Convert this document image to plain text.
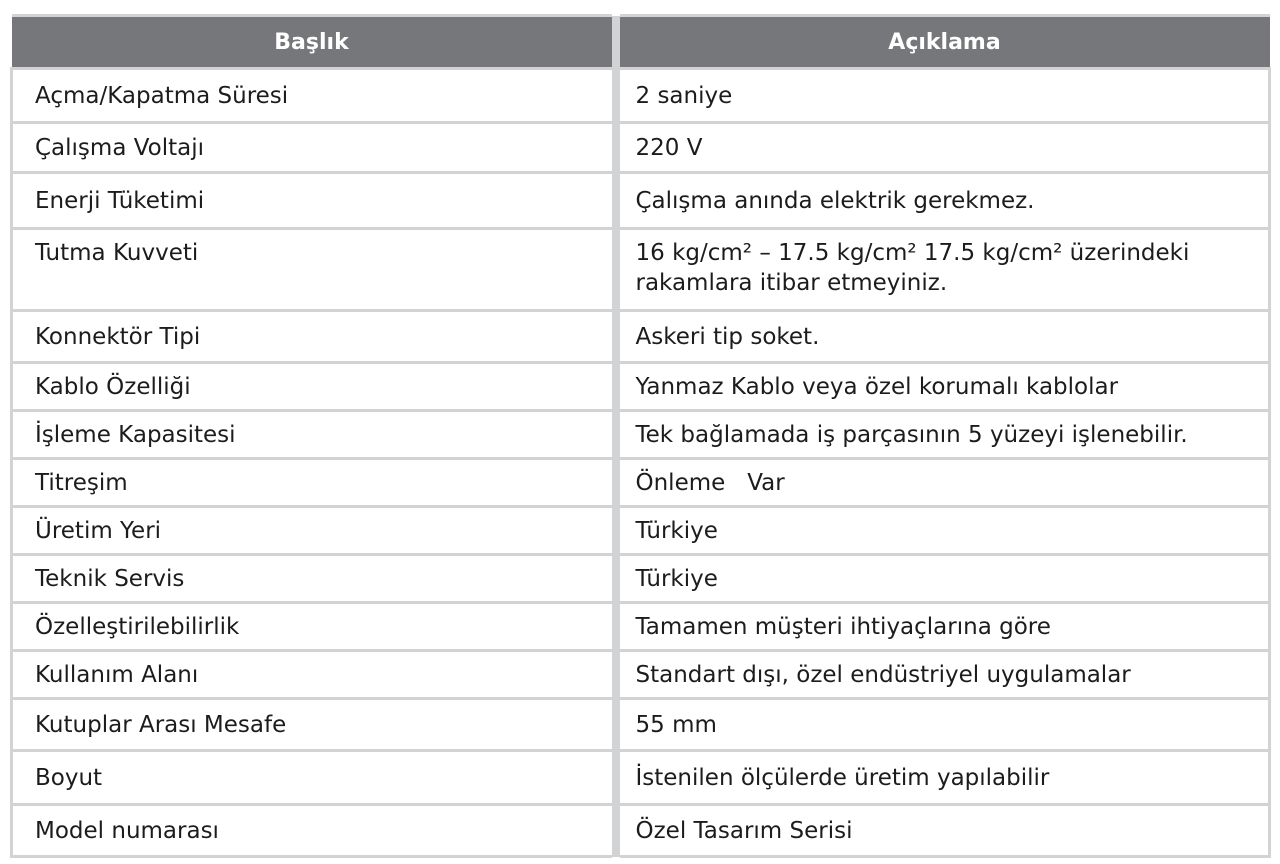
Başlık		Açıklama
Açma/Kapatma Süresi		2 saniye
Çalışma Voltajı		220 V
Enerji Tüketimi		Çalışma anında elektrik gerekmez.
Tutma Kuvveti		16 kg/cm² – 17.5 kg/cm² 17.5 kg/cm² üzerindeki rakamlara itibar etmeyiniz.
Konnektör Tipi		Askeri tip soket.
Kablo Özelliği		Yanmaz Kablo veya özel korumalı kablolar
İşleme Kapasitesi		Tek bağlamada iş parçasının 5 yüzeyi işlenebilir.
Titreşim		Önleme   Var
Üretim Yeri		Türkiye
Teknik Servis		Türkiye
Özelleştirilebilirlik		Tamamen müşteri ihtiyaçlarına göre
Kullanım Alanı		Standart dışı, özel endüstriyel uygulamalar
Kutuplar Arası Mesafe		55 mm
Boyut		İstenilen ölçülerde üretim yapılabilir
Model numarası		Özel Tasarım Serisi
